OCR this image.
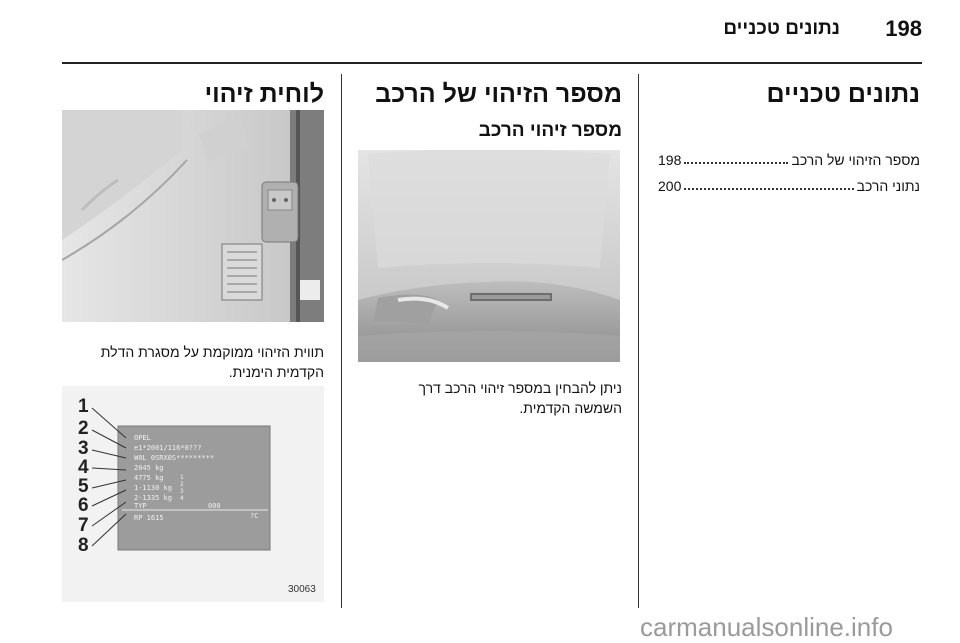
198
נתונים טכניים
נתונים טכניים
מספר הזיהוי של הרכב
198
נתוני הרכב
200
מספר הזיהוי של הרכב
מספר זיהוי הרכב
ניתן להבחין במספר זיהוי הרכב דרך
השמשה הקדמית.
לוחית זיהוי
תווית הזיהוי ממוקמת על מסגרת הדלת
הקדמית הימנית.
1
2
3
4
5
6
7
8
OPEL
e1*2001/116*0???
W0L 0SRX0S*********
2045 kg
4775 kg
1-1130 kg
2-1335 kg
TYP
RP 1615
000
?C
1
2
3
4
30063
carmanualsonline.info
